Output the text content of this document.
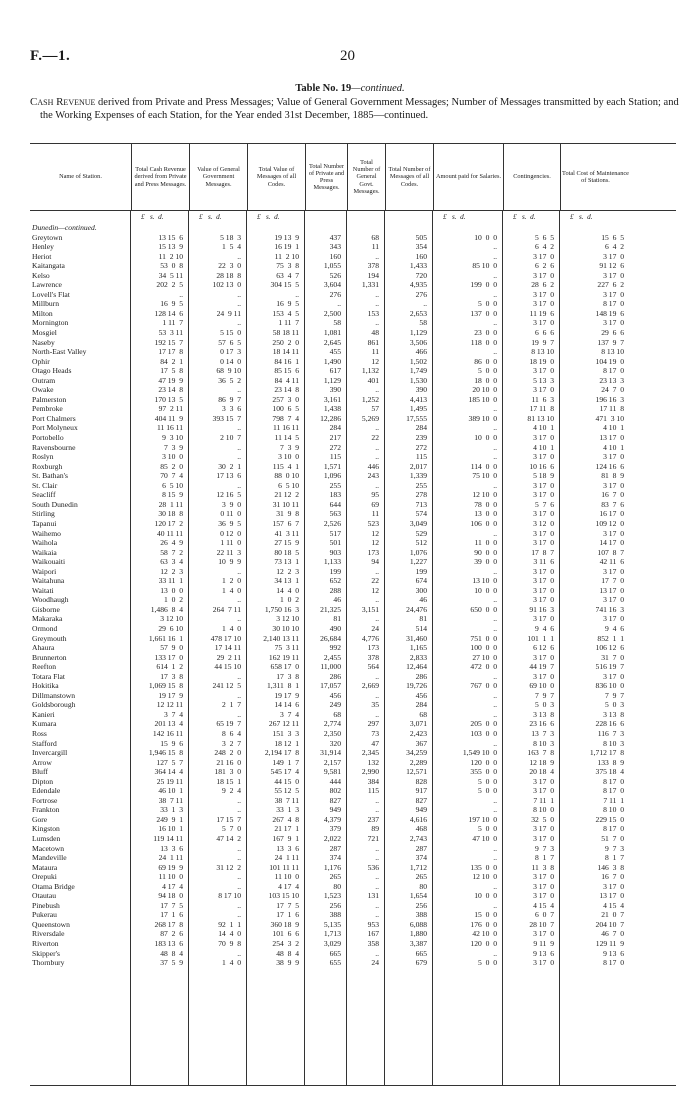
F.—1.	20
Table No. 19—continued.
Cash Revenue derived from Private and Press Messages; Value of General Government Messages; Number of Messages transmitted by each Station; and the Working Expenses of each Station, for the Year ended 31st December, 1885—continued.
Name of Station.
Total Cash Revenue derived from Private and Press Messages.
Value of General Government Messages.
Total Value of Messages of all Codes.
Total Number of Private and Press Messages.
Total Number of General Govt. Messages.
Total Number of Messages of all Codes.
Amount paid for Salaries.	Contingencies.
Total Cost of Maintenance of Stations.
£   s.  d.	£   s.  d.	£   s.  d.	£   s.  d.	£   s.  d.	£   s.  d.
Dunedin—continued.
Greytown	13 15  6	5 18  3	19 13  9	437	68	505	10  0  0	5  6  5	15  6  5
Henley	15 13  9	1  5  4	16 19  1	343	11	354	..	6  4  2	6  4  2
Heriot	11  2 10	..	11  2 10	160	..	160	..	3 17  0	3 17  0
Kaitangata	53  0  8	22  3  0	75  3  8	1,055	378	1,433	85 10  0	6  2  6	91 12  6
Kelso	34  5 11	28 18  8	63  4  7	526	194	720	..	3 17  0	3 17  0
Lawrence	202  2  5	102 13  0	304 15  5	3,604	1,331	4,935	199  0  0	28  6  2	227  6  2
Lovell's Flat	..	..	..	276	..	276	..	3 17  0	3 17  0
Millburn	16  9  5	..	16  9  5	..	..	..	5  0  0	3 17  0	8 17  0
Milton	128 14  6	24  9 11	153  4  5	2,500	153	2,653	137  0  0	11 19  6	148 19  6
Mornington	1 11  7	..	1 11  7	58	..	58	..	3 17  0	3 17  0
Mosgiel	53  3 11	5 15  0	58 18 11	1,081	48	1,129	23  0  0	6  6  6	29  6  6
Naseby	192 15  7	57  6  5	250  2  0	2,645	861	3,506	118  0  0	19  9  7	137  9  7
North-East Valley	17 17  8	0 17  3	18 14 11	455	11	466	..	8 13 10	8 13 10
Ophir	84  2  1	0 14  0	84 16  1	1,490	12	1,502	86  0  0	18 19  0	104 19  0
Otago Heads	17  5  8	68  9 10	85 15  6	617	1,132	1,749	5  0  0	3 17  0	8 17  0
Outram	47 19  9	36  5  2	84  4 11	1,129	401	1,530	18  0  0	5 13  3	23 13  3
Owake	23 14  8	..	23 14  8	390	..	390	20 10  0	3 17  0	24  7  0
Palmerston	170 13  5	86  9  7	257  3  0	3,161	1,252	4,413	185 10  0	11  6  3	196 16  3
Pembroke	97  2 11	3  3  6	100  6  5	1,438	57	1,495	..	17 11  8	17 11  8
Port Chalmers	404 11  9	393 15  7	798  7  4	12,286	5,269	17,555	389 10  0	81 13 10	471  3 10
Port Molyneux	11 16 11	..	11 16 11	284	..	284	..	4 10  1	4 10  1
Portobello	9  3 10	2 10  7	11 14  5	217	22	239	10  0  0	3 17  0	13 17  0
Ravensbourne	7  3  9	..	7  3  9	272	..	272	..	4 10  1	4 10  1
Roslyn	3 10  0	..	3 10  0	115	..	115	..	3 17  0	3 17  0
Roxburgh	85  2  0	30  2  1	115  4  1	1,571	446	2,017	114  0  0	10 16  6	124 16  6
St. Bathan's	70  7  4	17 13  6	88  0 10	1,096	243	1,339	75 10  0	5 18  9	81  8  9
St. Clair	6  5 10	..	6  5 10	255	..	255	..	3 17  0	3 17  0
Seacliff	8 15  9	12 16  5	21 12  2	183	95	278	12 10  0	3 17  0	16  7  0
South Dunedin	28  1 11	3  9  0	31 10 11	644	69	713	78  0  0	5  7  6	83  7  6
Stirling	30 18  8	0 11  0	31  9  8	563	11	574	13  0  0	3 17  0	16 17  0
Tapanui	120 17  2	36  9  5	157  6  7	2,526	523	3,049	106  0  0	3 12  0	109 12  0
Waihemo	40 11 11	0 12  0	41  3 11	517	12	529	..	3 17  0	3 17  0
Waihola	26  4  9	1 11  0	27 15  9	501	12	512	11  0  0	3 17  0	14 17  0
Waikaia	58  7  2	22 11  3	80 18  5	903	173	1,076	90  0  0	17  8  7	107  8  7
Waikouaiti	63  3  4	10  9  9	73 13  1	1,133	94	1,227	39  0  0	3 11  6	42 11  6
Waipori	12  2  3	..	12  2  3	199	..	199	..	3 17  0	3 17  0
Waitahuna	33 11  1	1  2  0	34 13  1	652	22	674	13 10  0	3 17  0	17  7  0
Waitati	13  0  0	1  4  0	14  4  0	288	12	300	10  0  0	3 17  0	13 17  0
Woodhaugh	1  0  2	..	1  0  2	46	..	46	..	3 17  0	3 17  0
Gisborne	1,486  8  4	264  7 11	1,750 16  3	21,325	3,151	24,476	650  0  0	91 16  3	741 16  3
Makaraka	3 12 10	..	3 12 10	81	..	81	..	3 17  0	3 17  0
Ormond	29  6 10	1  4  0	30 10 10	490	24	514	..	9  4  6	9  4  6
Greymouth	1,661 16  1	478 17 10	2,140 13 11	26,684	4,776	31,460	751  0  0	101  1  1	852  1  1
Ahaura	57  9  0	17 14 11	75  3 11	992	173	1,165	100  0  0	6 12  6	106 12  6
Brunnerton	133 17  0	29  2 11	162 19 11	2,455	378	2,833	27 10  0	3 17  0	31  7  0
Reefton	614  1  2	44 15 10	658 17  0	11,000	564	12,464	472  0  0	44 19  7	516 19  7
Totara Flat	17  3  8	..	17  3  8	286	..	286	..	3 17  0	3 17  0
Hokitika	1,069 15  8	241 12  5	1,311  8  1	17,057	2,669	19,726	767  0  0	69 10  0	836 10  0
Dillmanstown	19 17  9	..	19 17  9	456	..	456	..	7  9  7	7  9  7
Goldsborough	12 12 11	2  1  7	14 14  6	249	35	284	..	5  0  3	5  0  3
Kanieri	3  7  4	..	3  7  4	68	..	68	..	3 13  8	3 13  8
Kumara	201 13  4	65 19  7	267 12 11	2,774	297	3,071	205  0  0	23 16  6	228 16  6
Ross	142 16 11	8  6  4	151  3  3	2,350	73	2,423	103  0  0	13  7  3	116  7  3
Stafford	15  9  6	3  2  7	18 12  1	320	47	367	..	8 10  3	8 10  3
Invercargill	1,946 15  8	248  2  0	2,194 17  8	31,914	2,345	34,259	1,549 10  0	163  7  8	1,712 17  8
Arrow	127  5  7	21 16  0	149  1  7	2,157	132	2,289	120  0  0	12 18  9	133  8  9
Bluff	364 14  4	181  3  0	545 17  4	9,581	2,990	12,571	355  0  0	20 18  4	375 18  4
Dipton	25 19 11	18 15  1	44 15  0	444	384	828	5  0  0	3 17  0	8 17  0
Edendale	46 10  1	9  2  4	55 12  5	802	115	917	5  0  0	3 17  0	8 17  0
Fortrose	38  7 11	..	38  7 11	827	..	827	..	7 11  1	7 11  1
Frankton	33  1  3	..	33  1  3	949	..	949	..	8 10  0	8 10  0
Gore	249  9  1	17 15  7	267  4  8	4,379	237	4,616	197 10  0	32  5  0	229 15  0
Kingston	16 10  1	5  7  0	21 17  1	379	89	468	5  0  0	3 17  0	8 17  0
Lumsden	119 14 11	47 14  2	167  9  1	2,022	721	2,743	47 10  0	3 17  0	51  7  0
Macetown	13  3  6	..	13  3  6	287	..	287	..	9  7  3	9  7  3
Mandeville	24  1 11	..	24  1 11	374	..	374	..	8  1  7	8  1  7
Mataura	69 19  9	31 12  2	101 11 11	1,176	536	1,712	135  0  0	11  3  8	146  3  8
Orepuki	11 10  0	..	11 10  0	265	..	265	12 10  0	3 17  0	16  7  0
Otama Bridge	4 17  4	..	4 17  4	80	..	80	..	3 17  0	3 17  0
Otautau	94 18  0	8 17 10	103 15 10	1,523	131	1,654	10  0  0	3 17  0	13 17  0
Pinebush	17  7  5	..	17  7  5	256	..	256	..	4 15  4	4 15  4
Pukerau	17  1  6	..	17  1  6	388	..	388	15  0  0	6  0  7	21  0  7
Queenstown	268 17  8	92  1  1	360 18  9	5,135	953	6,088	176  0  0	28 10  7	204 10  7
Riversdale	87  2  6	14  4  0	101  6  6	1,713	167	1,880	42 10  0	3 17  0	46  7  0
Riverton	183 13  6	70  9  8	254  3  2	3,029	358	3,387	120  0  0	9 11  9	129 11  9
Skipper's	48  8  4	..	48  8  4	665	..	665	..	9 13  6	9 13  6
Thornbury	37  5  9	1  4  0	38  9  9	655	24	679	5  0  0	3 17  0	8 17  0
